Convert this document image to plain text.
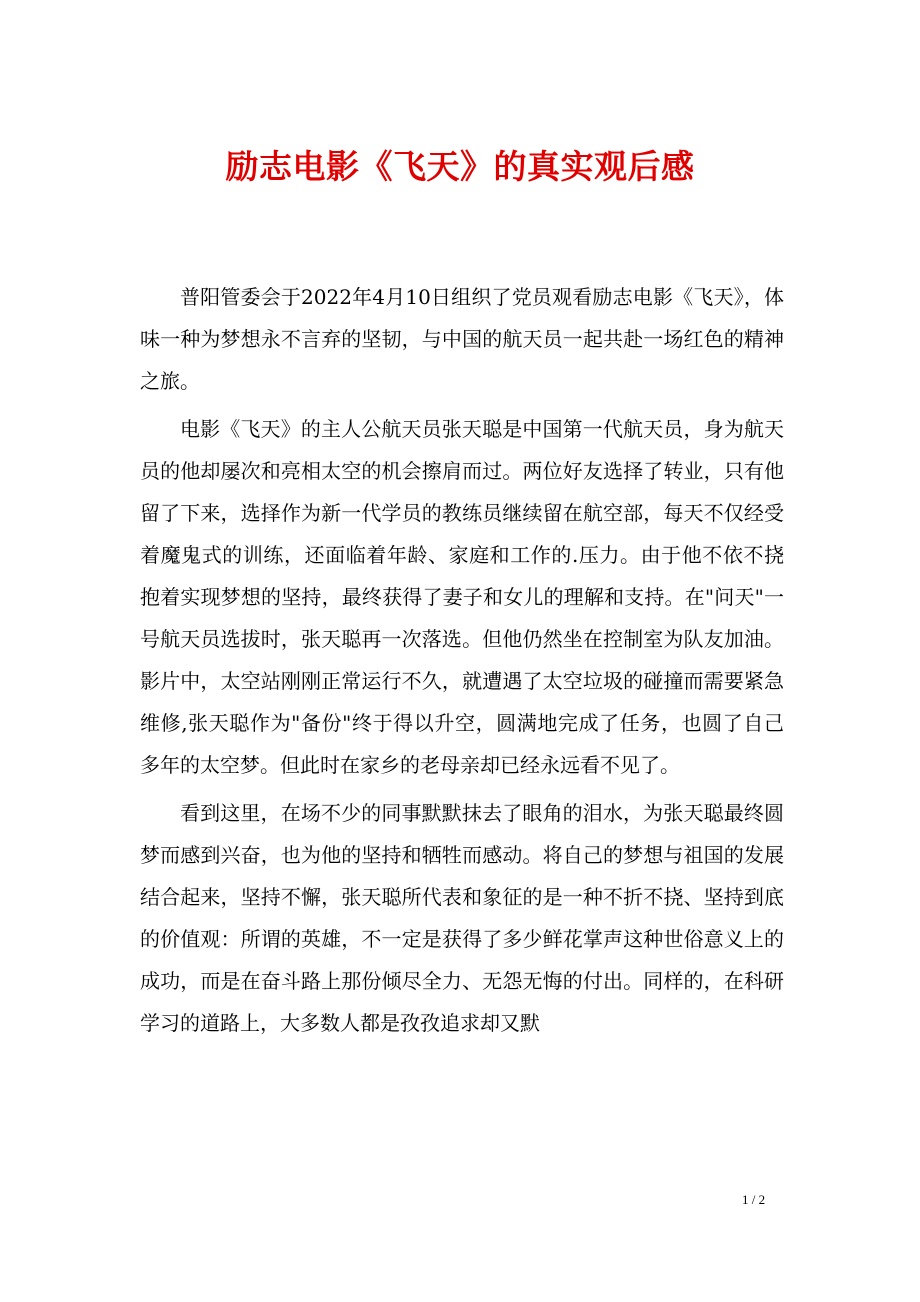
励志电影《飞天》的真实观后感

普阳管委会于2022年4月10日组织了党员观看励志电影《飞天》，体味一种为梦想永不言弃的坚韧，与中国的航天员一起共赴一场红色的精神之旅。

电影《飞天》的主人公航天员张天聪是中国第一代航天员，身为航天员的他却屡次和亮相太空的机会擦肩而过。两位好友选择了转业，只有他留了下来，选择作为新一代学员的教练员继续留在航空部，每天不仅经受着魔鬼式的训练，还面临着年龄、家庭和工作的.压力。由于他不依不挠抱着实现梦想的坚持，最终获得了妻子和女儿的理解和支持。在"问天"一号航天员选拔时，张天聪再一次落选。但他仍然坐在控制室为队友加油。影片中，太空站刚刚正常运行不久，就遭遇了太空垃圾的碰撞而需要紧急维修,张天聪作为"备份"终于得以升空，圆满地完成了任务，也圆了自己多年的太空梦。但此时在家乡的老母亲却已经永远看不见了。

看到这里，在场不少的同事默默抹去了眼角的泪水，为张天聪最终圆梦而感到兴奋，也为他的坚持和牺牲而感动。将自己的梦想与祖国的发展结合起来，坚持不懈，张天聪所代表和象征的是一种不折不挠、坚持到底的价值观：所谓的英雄，不一定是获得了多少鲜花掌声这种世俗意义上的成功，而是在奋斗路上那份倾尽全力、无怨无悔的付出。同样的，在科研学习的道路上，大多数人都是孜孜追求却又默

1 / 2
